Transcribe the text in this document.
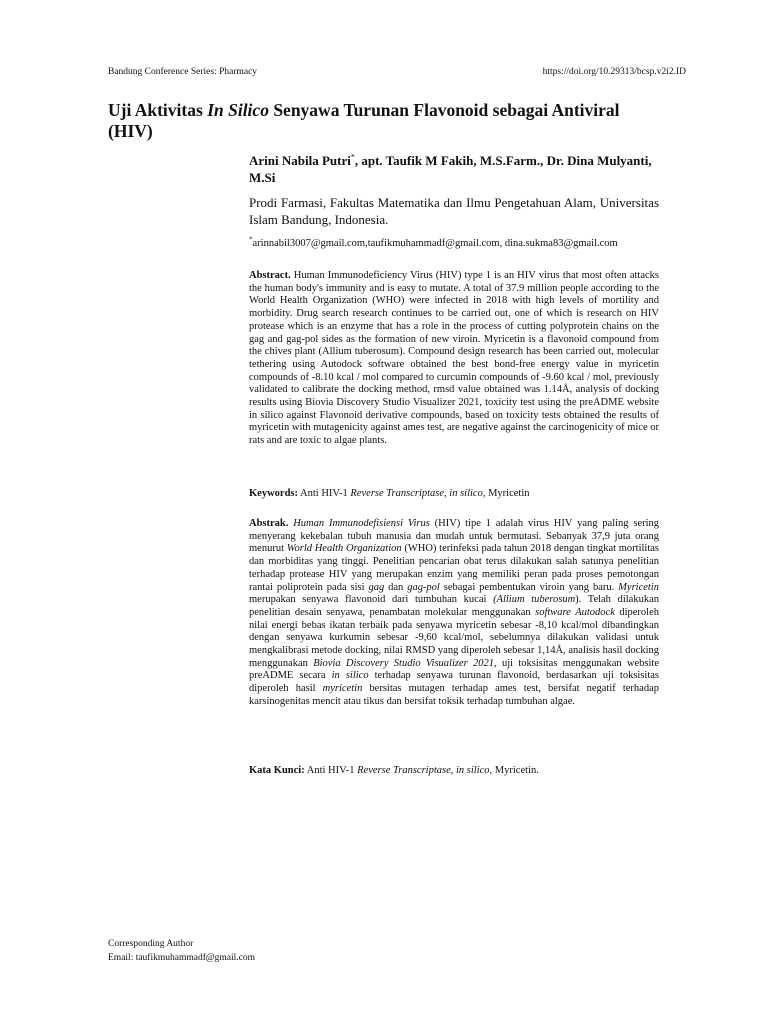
Bandung Conference Series: Pharmacy	https://doi.org/10.29313/bcsp.v2i2.ID
Uji Aktivitas In Silico Senyawa Turunan Flavonoid sebagai Antiviral (HIV)
Arini Nabila Putri*, apt. Taufik M Fakih, M.S.Farm., Dr. Dina Mulyanti, M.Si
Prodi Farmasi, Fakultas Matematika dan Ilmu Pengetahuan Alam, Universitas Islam Bandung, Indonesia.
*arinnabil3007@gmail.com,taufikmuhammadf@gmail.com, dina.sukma83@gmail.com
Abstract. Human Immunodeficiency Virus (HIV) type 1 is an HIV virus that most often attacks the human body's immunity and is easy to mutate. A total of 37.9 million people according to the World Health Organization (WHO) were infected in 2018 with high levels of mortility and morbidity. Drug search research continues to be carried out, one of which is research on HIV protease which is an enzyme that has a role in the process of cutting polyprotein chains on the gag and gag-pol sides as the formation of new viroin. Myricetin is a flavonoid compound from the chives plant (Allium tuberosum). Compound design research has been carried out, molecular tethering using Autodock software obtained the best bond-free energy value in myricetin compounds of -8.10 kcal / mol compared to curcumin compounds of -9.60 kcal / mol, previously validated to calibrate the docking method, rmsd value obtained was 1.14Å, analysis of docking results using Biovia Discovery Studio Visualizer 2021, toxicity test using the preADME website in silico against Flavonoid derivative compounds, based on toxicity tests obtained the results of myricetin with mutagenicity against ames test, are negative against the carcinogenicity of mice or rats and are toxic to algae plants.
Keywords: Anti HIV-1 Reverse Transcriptase, in silico, Myricetin
Abstrak. Human Immunodefisiensi Virus (HIV) tipe 1 adalah virus HIV yang paling sering menyerang kekebalan tubuh manusia dan mudah untuk bermutasi. Sebanyak 37,9 juta orang menurut World Health Organization (WHO) terinfeksi pada tahun 2018 dengan tingkat mortilitas dan morbiditas yang tinggi. Penelitian pencarian obat terus dilakukan salah satunya penelitian terhadap protease HIV yang merupakan enzim yang memiliki peran pada proses pemotongan rantai poliprotein pada sisi gag dan gag-pol sebagai pembentukan viroin yang baru. Myricetin merupakan senyawa flavonoid dari tumbuhan kucai (Allium tuberosum). Telah dilakukan penelitian desain senyawa, penambatan molekular menggunakan software Autodock diperoleh nilai energi bebas ikatan terbaik pada senyawa myricetin sebesar -8,10 kcal/mol dibandingkan dengan senyawa kurkumin sebesar -9,60 kcal/mol, sebelumnya dilakukan validasi untuk mengkalibrasi metode docking, nilai RMSD yang diperoleh sebesar 1,14Å, analisis hasil docking menggunakan Biovia Discovery Studio Visualizer 2021, uji toksisitas menggunakan website preADME secara in silico terhadap senyawa turunan flavonoid, berdasarkan uji toksisitas diperoleh hasil myricetin bersitas mutagen terhadap ames test, bersifat negatif terhadap karsinogenitas mencit atau tikus dan bersifat toksik terhadap tumbuhan algae.
Kata Kunci: Anti HIV-1 Reverse Transcriptase, in silico, Myricetin.
Corresponding Author
Email: taufikmuhammadf@gmail.com
